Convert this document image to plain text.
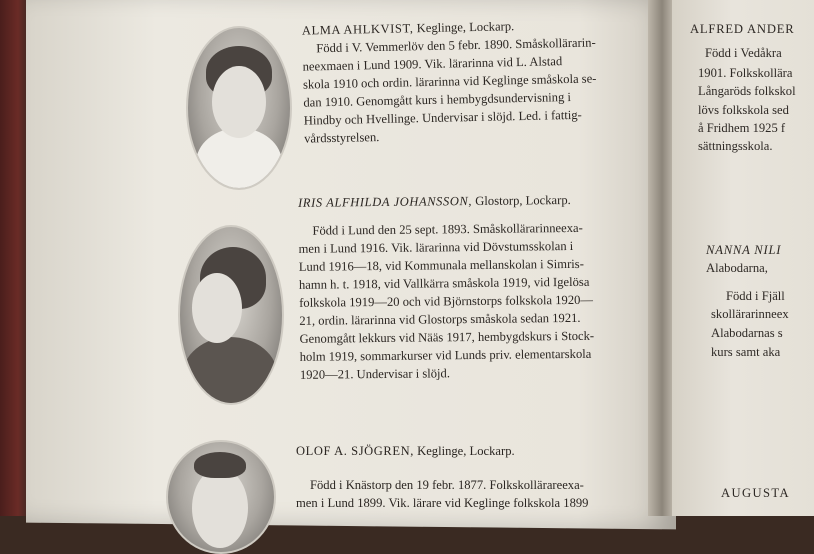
ALMA AHLKVIST, Keglinge, Lockarp.
Född i V. Vemmerlöv den 5 febr. 1890. Småskollärarin-
neexmaen i Lund 1909. Vik. lärarinna vid L. Alstad
skola 1910 och ordin. lärarinna vid Keglinge småskola se-
dan 1910. Genomgått kurs i hembygdsundervisning i
Hindby och Hvellinge. Undervisar i slöjd. Led. i fattig-
vårdsstyrelsen.
IRIS ALFHILDA JOHANSSON, Glostorp, Lockarp.
Född i Lund den 25 sept. 1893. Småskollärarinneexa-
men i Lund 1916. Vik. lärarinna vid Dövstumsskolan i
Lund 1916—18, vid Kommunala mellanskolan i Simris-
hamn h. t. 1918, vid Vallkärra småskola 1919, vid Igelösa
folkskola 1919—20 och vid Björnstorps folkskola 1920—
21, ordin. lärarinna vid Glostorps småskola sedan 1921.
Genomgått lekkurs vid Nääs 1917, hembygdskurs i Stock-
holm 1919, sommarkurser vid Lunds priv. elementarskola
1920—21. Undervisar i slöjd.
OLOF A. SJÖGREN, Keglinge, Lockarp.
Född i Knästorp den 19 febr. 1877. Folkskollärareexa-
men i Lund 1899. Vik. lärare vid Keglinge folkskola 1899
ALFRED ANDER
Född i Vedåkra
1901. Folkskollära
Långaröds folkskol
lövs folkskola sed
å Fridhem 1925 f
sättningsskola.
NANNA NILI
Alabodarna,
Född i Fjäll
skollärarinneex
Alabodarnas s
kurs samt aka
AUGUSTA
